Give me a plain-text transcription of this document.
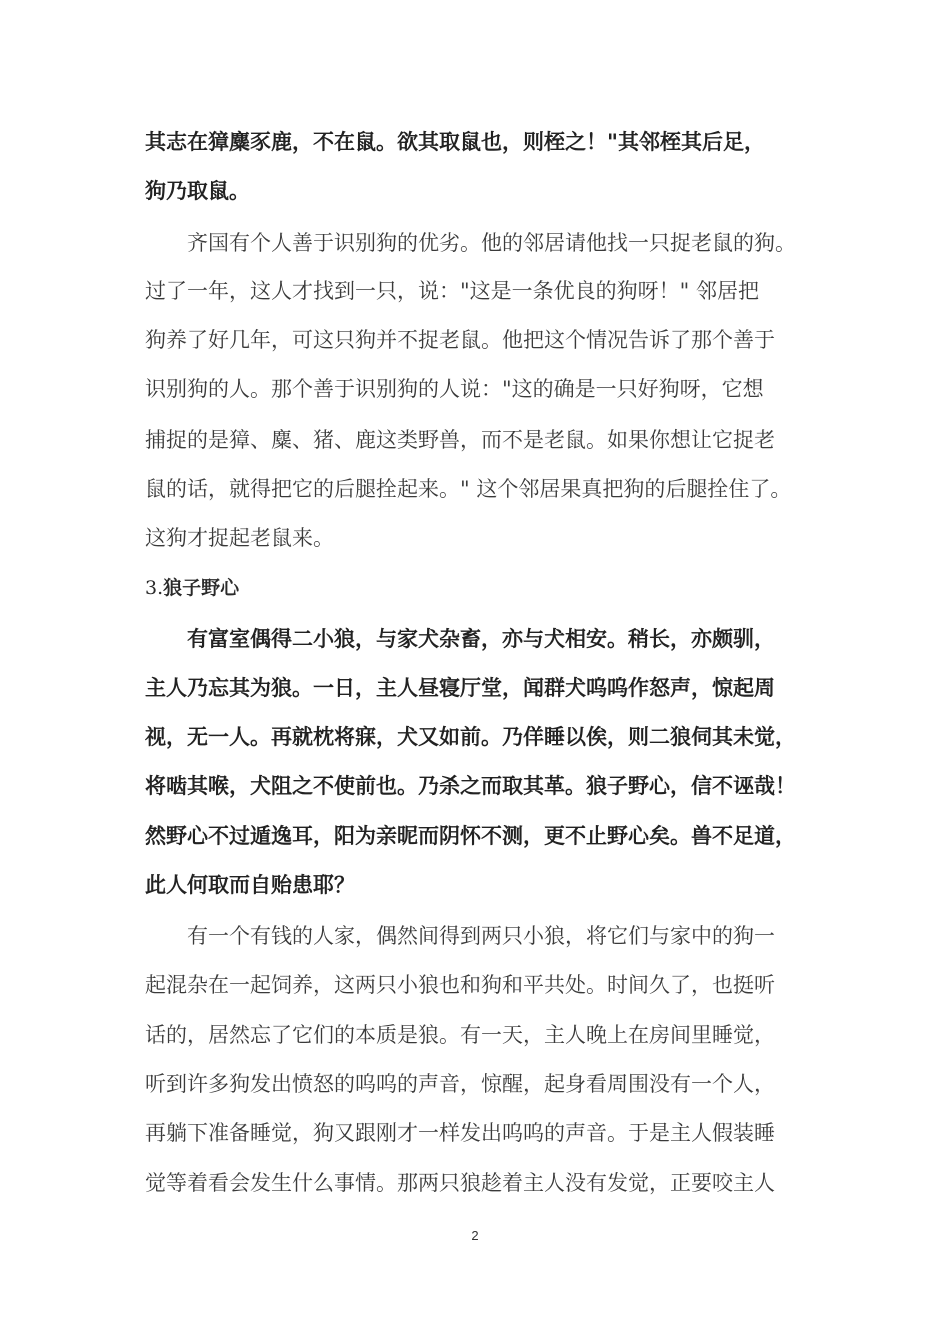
其志在獐麋豕鹿，不在鼠。欲其取鼠也，则桎之！"其邻桎其后足，
狗乃取鼠。
齐国有个人善于识别狗的优劣。他的邻居请他找一只捉老鼠的狗。
过了一年，这人才找到一只，说："这是一条优良的狗呀！" 邻居把
狗养了好几年，可这只狗并不捉老鼠。他把这个情况告诉了那个善于
识别狗的人。那个善于识别狗的人说："这的确是一只好狗呀，它想
捕捉的是獐、麋、猪、鹿这类野兽，而不是老鼠。如果你想让它捉老
鼠的话，就得把它的后腿拴起来。" 这个邻居果真把狗的后腿拴住了。
这狗才捉起老鼠来。
有富室偶得二小狼，与家犬杂畜，亦与犬相安。稍长，亦颇驯，
主人乃忘其为狼。一日，主人昼寝厅堂，闻群犬呜呜作怒声，惊起周
视，无一人。再就枕将寐，犬又如前。乃佯睡以俟，则二狼伺其未觉，
将啮其喉，犬阻之不使前也。乃杀之而取其革。狼子野心，信不诬哉！
然野心不过遁逸耳，阳为亲昵而阴怀不测，更不止野心矣。兽不足道，
此人何取而自贻患耶？
有一个有钱的人家，偶然间得到两只小狼，将它们与家中的狗一
起混杂在一起饲养，这两只小狼也和狗和平共处。时间久了，也挺听
话的，居然忘了它们的本质是狼。有一天，主人晚上在房间里睡觉，
听到许多狗发出愤怒的呜呜的声音，惊醒，起身看周围没有一个人，
再躺下准备睡觉，狗又跟刚才一样发出呜呜的声音。于是主人假装睡
觉等着看会发生什么事情。那两只狼趁着主人没有发觉，正要咬主人
3.狼子野心
2
